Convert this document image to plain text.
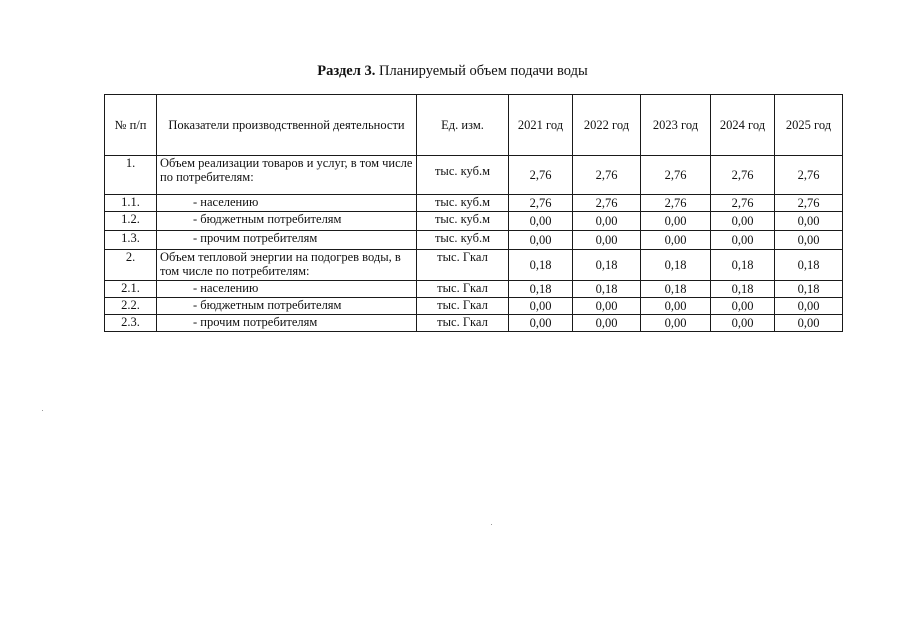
Раздел 3. Планируемый объем подачи воды
№ п/п	Показатели производственной деятельности	Ед. изм.	2021 год	2022 год	2023 год	2024 год	2025 год
1.	Объем реализации товаров и услуг, в том числе по потребителям:	тыс. куб.м	2,76	2,76	2,76	2,76	2,76
1.1.	- населению	тыс. куб.м	2,76	2,76	2,76	2,76	2,76
1.2.	- бюджетным потребителям	тыс. куб.м	0,00	0,00	0,00	0,00	0,00
1.3.	- прочим потребителям	тыс. куб.м	0,00	0,00	0,00	0,00	0,00
2.	Объем тепловой энергии на подогрев воды, в том числе по потребителям:	тыс. Гкал	0,18	0,18	0,18	0,18	0,18
2.1.	- населению	тыс. Гкал	0,18	0,18	0,18	0,18	0,18
2.2.	- бюджетным потребителям	тыс. Гкал	0,00	0,00	0,00	0,00	0,00
2.3.	- прочим потребителям	тыс. Гкал	0,00	0,00	0,00	0,00	0,00
